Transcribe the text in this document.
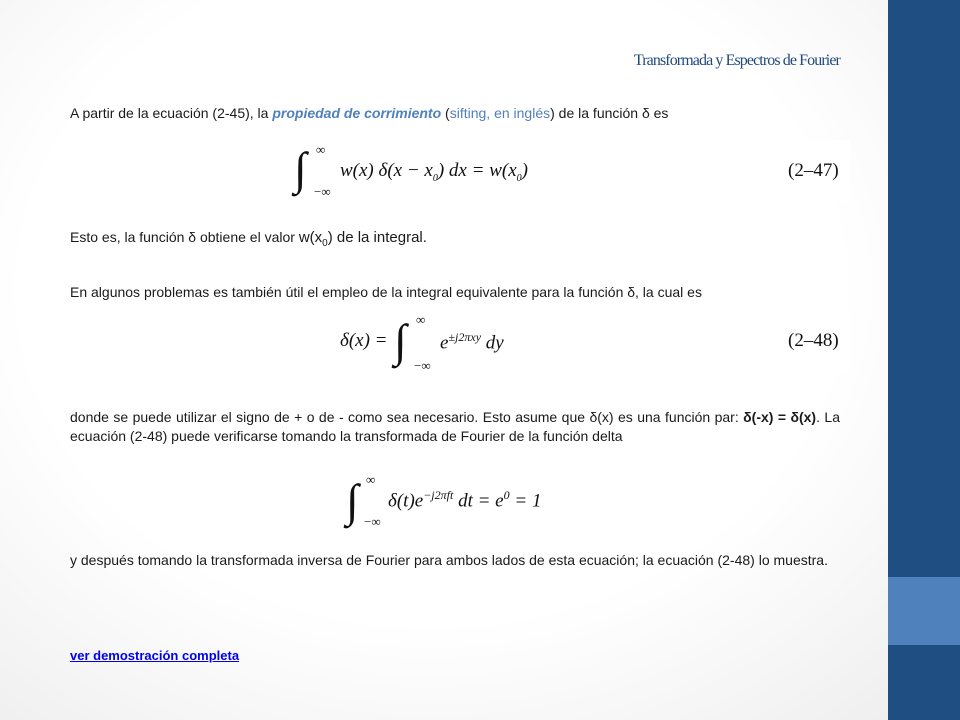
Transformada y Espectros de Fourier
A partir de la ecuación (2-45), la propiedad de corrimiento (sifting, en inglés) de la función δ es
∫ ∞
−∞
w(x) $\delta(x - x_0)$ dx = $w(x_0)$	(2–47)
Esto es, la función δ obtiene el valor $w(x_0)$ de la integral.
En algunos problemas es también útil el empleo de la integral equivalente para la función δ, la cual es
δ(x) = ∫ ∞
−∞
$e^{\pm j2\pi xy}$ dy	(2–48)
donde se puede utilizar el signo de + o de - como sea necesario. Esto asume que δ(x) es una función par: δ(-x) = δ(x). La ecuación (2-48) puede verificarse tomando la transformada de Fourier de la función delta
∫ ∞
−∞
$\delta(t)e^{-j2\pi ft}$ dt = $e^0 = 1$
y después tomando la transformada inversa de Fourier para ambos lados de esta ecuación; la ecuación (2-48) lo muestra.
ver demostración completa
